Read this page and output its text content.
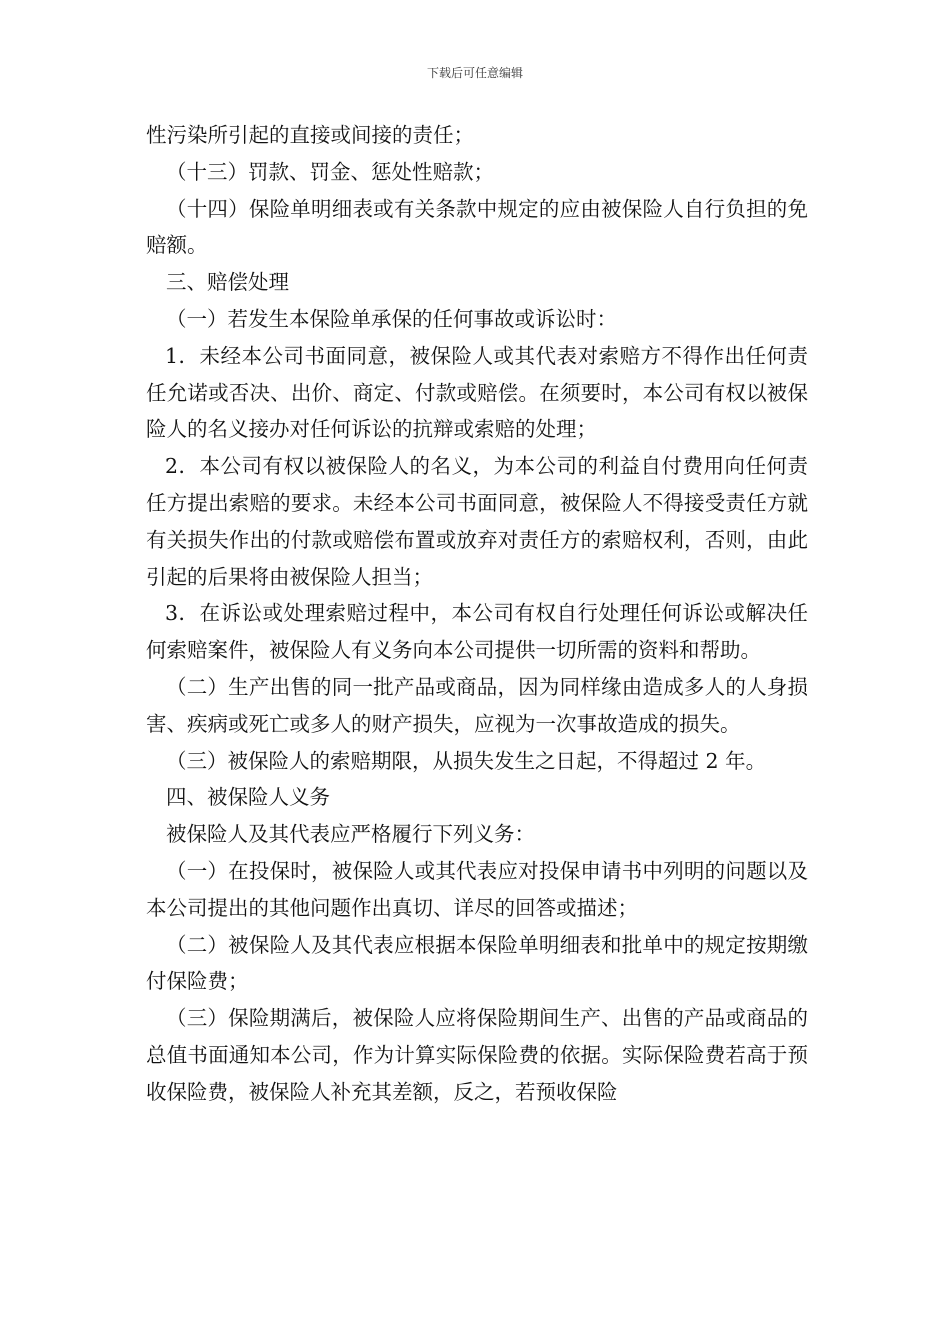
下载后可任意编辑

性污染所引起的直接或间接的责任；

（十三）罚款、罚金、惩处性赔款；

（十四）保险单明细表或有关条款中规定的应由被保险人自行负担的免赔额。

三、赔偿处理

（一）若发生本保险单承保的任何事故或诉讼时：

1．未经本公司书面同意，被保险人或其代表对索赔方不得作出任何责任允诺或否决、出价、商定、付款或赔偿。在须要时，本公司有权以被保险人的名义接办对任何诉讼的抗辩或索赔的处理；

2．本公司有权以被保险人的名义，为本公司的利益自付费用向任何责任方提出索赔的要求。未经本公司书面同意，被保险人不得接受责任方就有关损失作出的付款或赔偿布置或放弃对责任方的索赔权利，否则，由此引起的后果将由被保险人担当；

3．在诉讼或处理索赔过程中，本公司有权自行处理任何诉讼或解决任何索赔案件，被保险人有义务向本公司提供一切所需的资料和帮助。

（二）生产出售的同一批产品或商品，因为同样缘由造成多人的人身损害、疾病或死亡或多人的财产损失，应视为一次事故造成的损失。

（三）被保险人的索赔期限，从损失发生之日起，不得超过 2 年。

四、被保险人义务

被保险人及其代表应严格履行下列义务：

（一）在投保时，被保险人或其代表应对投保申请书中列明的问题以及本公司提出的其他问题作出真切、详尽的回答或描述；

（二）被保险人及其代表应根据本保险单明细表和批单中的规定按期缴付保险费；

（三）保险期满后，被保险人应将保险期间生产、出售的产品或商品的总值书面通知本公司，作为计算实际保险费的依据。实际保险费若高于预收保险费，被保险人补充其差额，反之，若预收保险
